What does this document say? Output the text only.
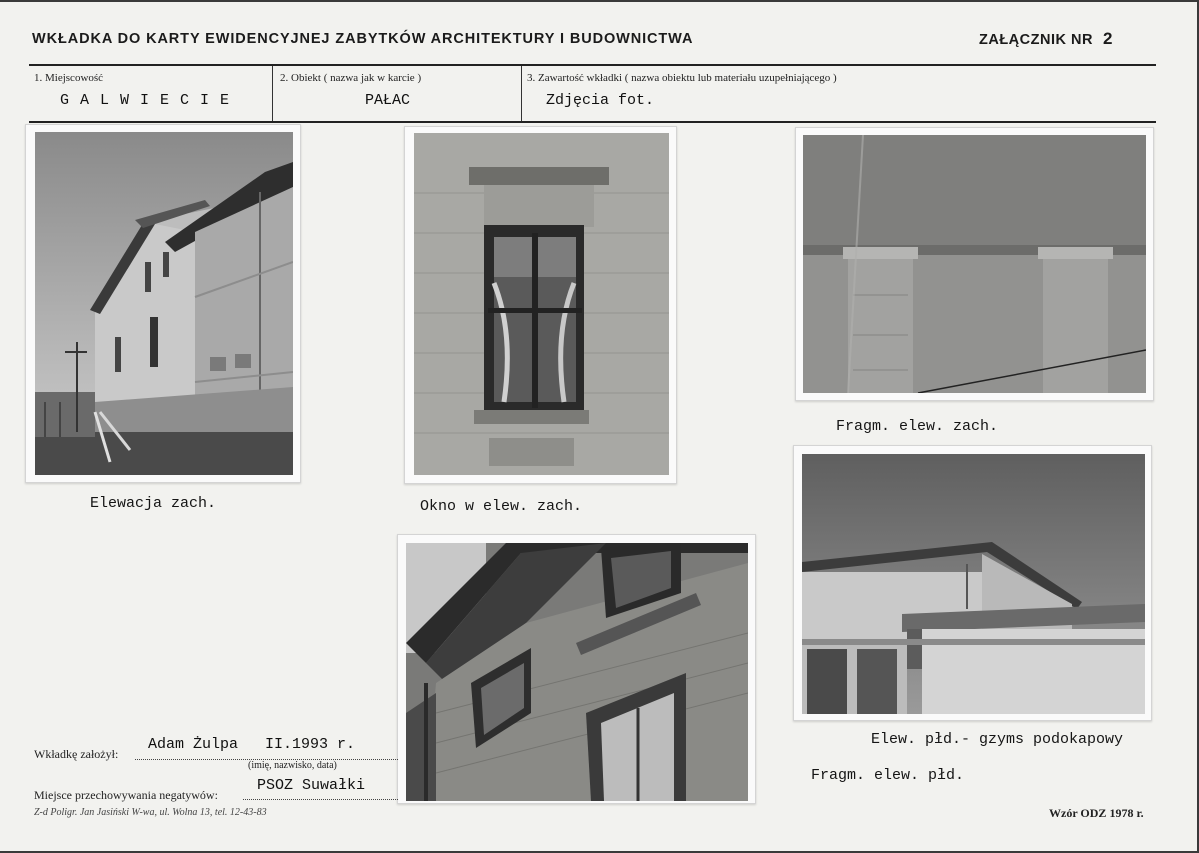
WKŁADKA DO KARTY EWIDENCYJNEJ ZABYTKÓW ARCHITEKTURY I BUDOWNICTWA	ZAŁĄCZNIK NR 2
1. Miejscowość
G A L W I E C I E
2. Obiekt ( nazwa jak w karcie )
PAŁAC
3. Zawartość wkładki ( nazwa obiektu lub materiału uzupełniającego )
Zdjęcia fot.
Elewacja zach.	Okno w elew. zach.
Fragm. elew. zach.
Elew. płd.- gzyms podokapowy
Fragm. elew. płd.
Wkładkę założył:
Adam Żulpa   II.1993 r.
(imię, nazwisko, data)
Miejsce przechowywania negatywów:
PSOZ Suwałki
Z-d Poligr. Jan Jasiński W-wa, ul. Wolna 13, tel. 12-43-83	Wzór ODZ 1978 r.
